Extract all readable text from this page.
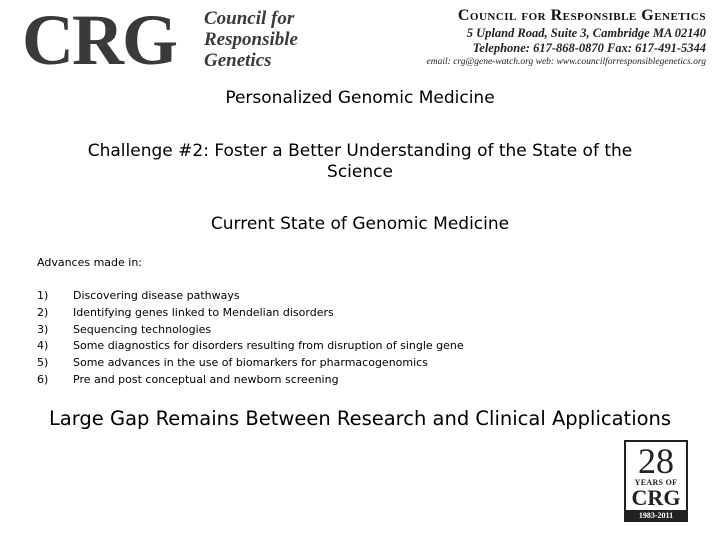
CRG Council for
Responsible
Genetics
Council for Responsible Genetics
5 Upland Road, Suite 3, Cambridge MA 02140
Telephone: 617-868-0870 Fax: 617-491-5344
email: crg@gene-watch.org web: www.councilforresponsiblegenetics.org
Personalized Genomic Medicine
Challenge #2: Foster a Better Understanding of the State of the Science
Current State of Genomic Medicine
Advances made in:
1)	Discovering disease pathways
2)	Identifying genes linked to Mendelian disorders
3)	Sequencing technologies
4)	Some diagnostics for disorders resulting from disruption of single gene
5)	Some advances in the use of biomarkers for pharmacogenomics
6)	Pre and post conceptual and newborn screening
Large Gap Remains Between Research and Clinical Applications
28
YEARS OF
CRG
1983-2011
